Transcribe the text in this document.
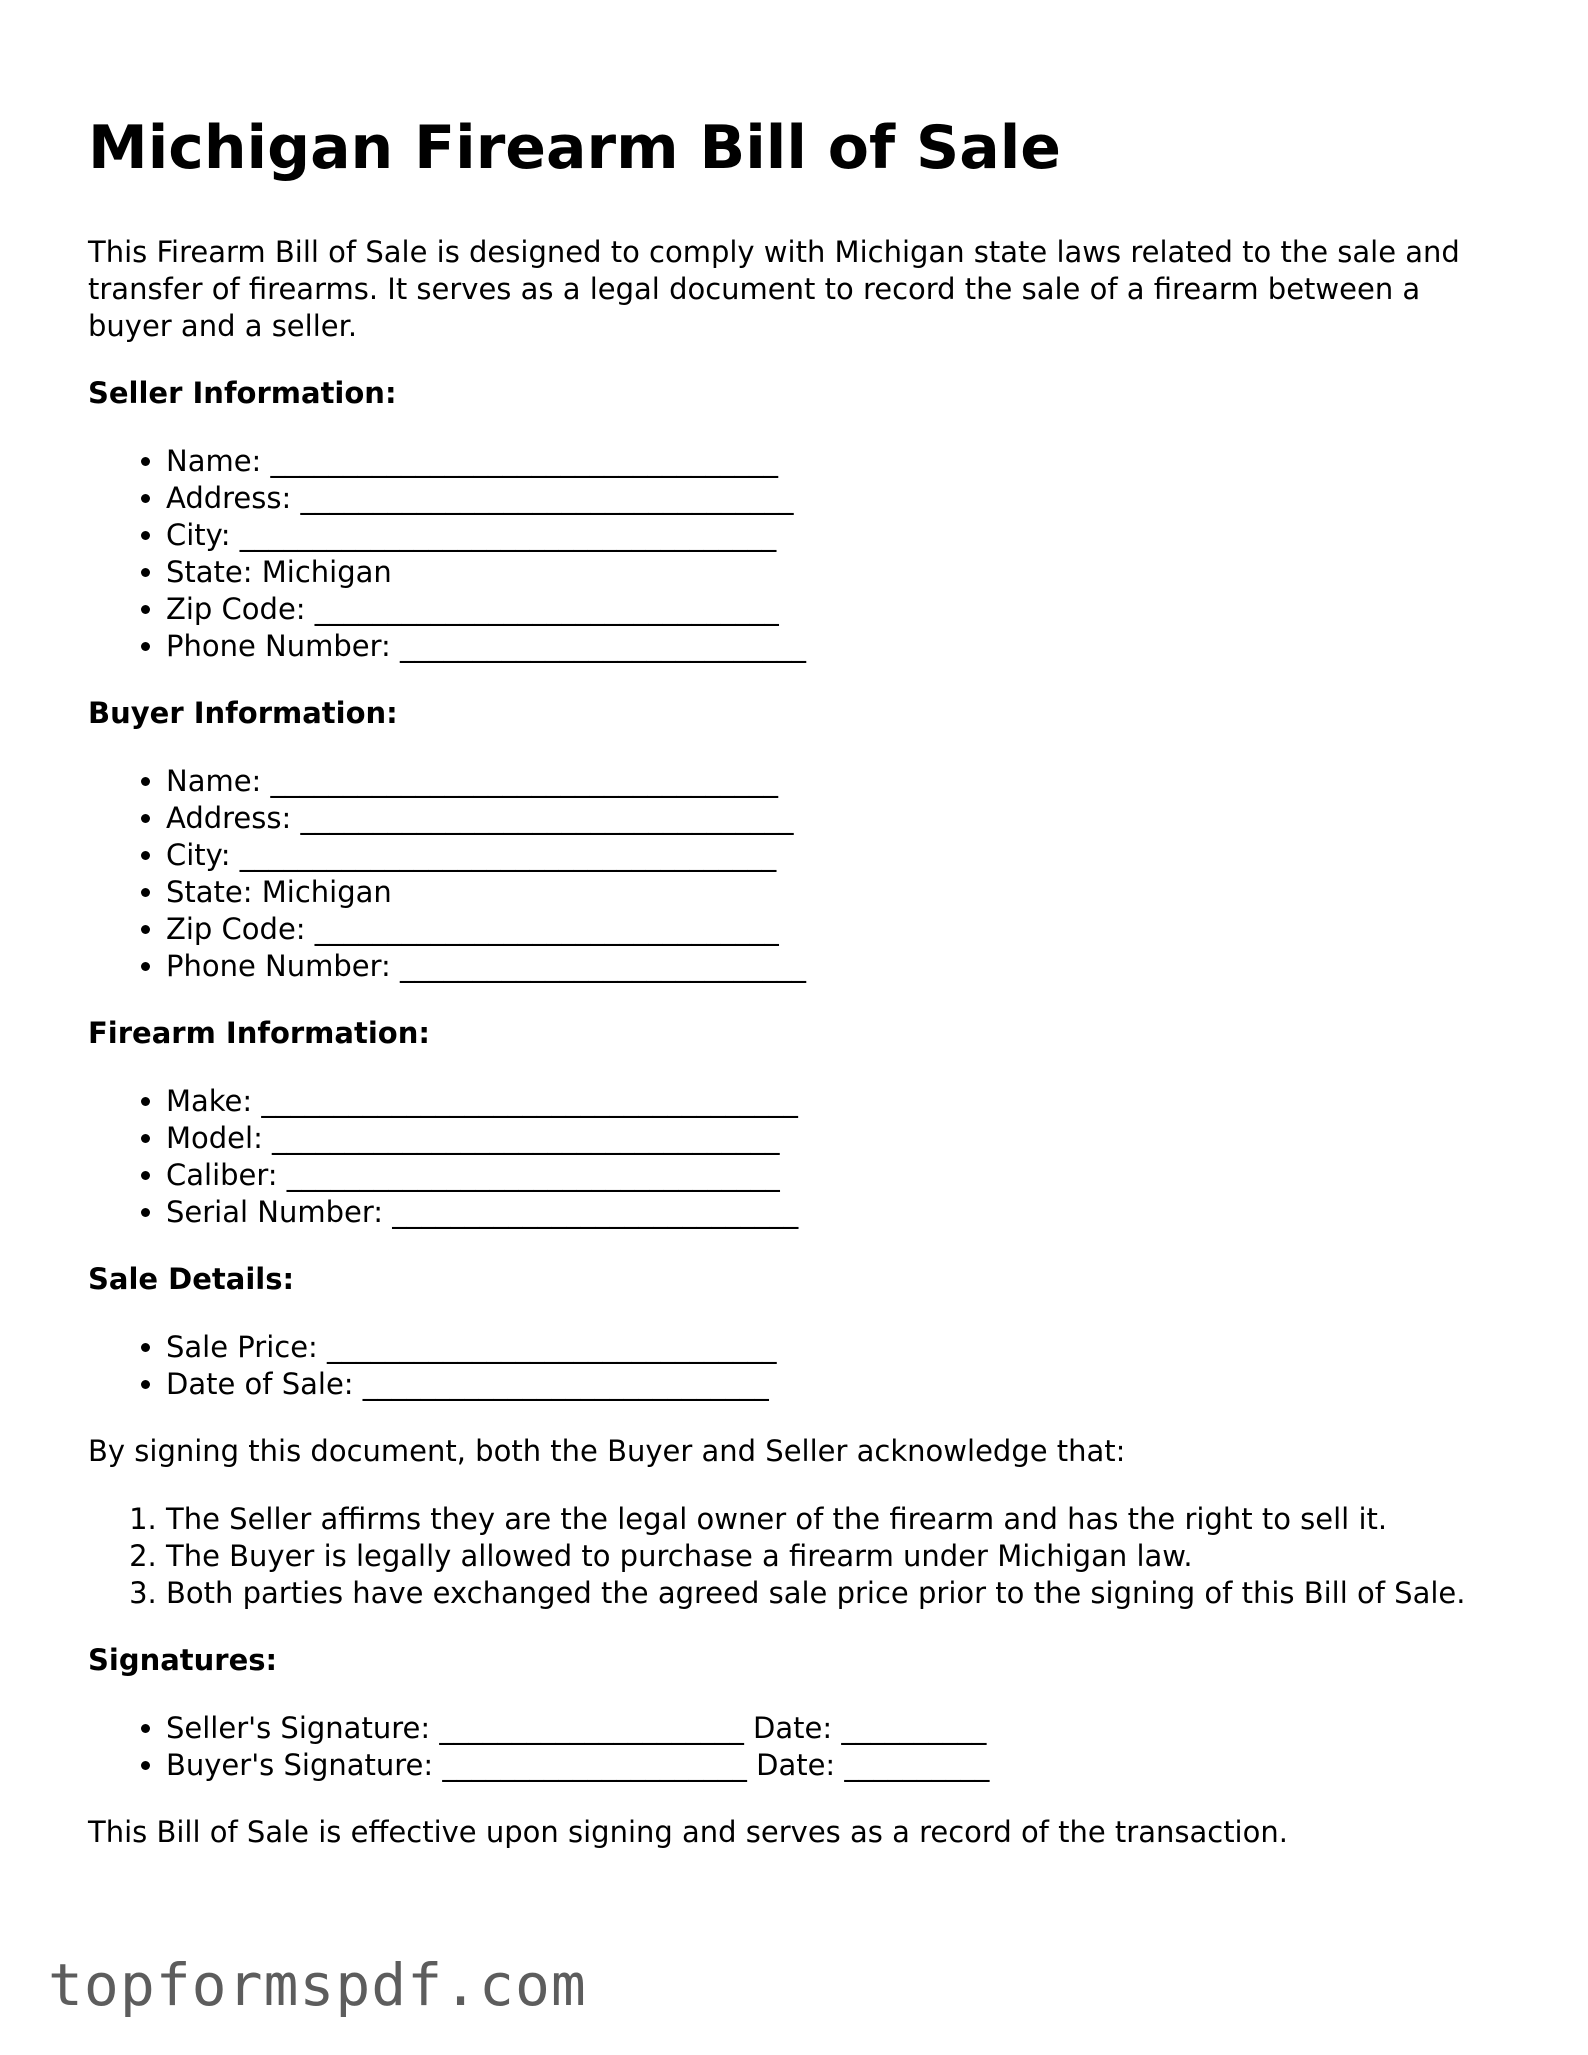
Michigan Firearm Bill of Sale

This Firearm Bill of Sale is designed to comply with Michigan state laws related to the sale and transfer of firearms. It serves as a legal document to record the sale of a firearm between a buyer and a seller.

Seller Information:
• Name: ___________________________________
• Address: __________________________________
• City: _____________________________________
• State: Michigan
• Zip Code: ________________________________
• Phone Number: ____________________________
Buyer Information:
• Name: ___________________________________
• Address: __________________________________
• City: _____________________________________
• State: Michigan
• Zip Code: ________________________________
• Phone Number: ____________________________
Firearm Information:
• Make: _____________________________________
• Model: ___________________________________
• Caliber: __________________________________
• Serial Number: ____________________________
Sale Details:
• Sale Price: _______________________________
• Date of Sale: ____________________________

By signing this document, both the Buyer and Seller acknowledge that:

1. The Seller affirms they are the legal owner of the firearm and has the right to sell it.
2. The Buyer is legally allowed to purchase a firearm under Michigan law.
3. Both parties have exchanged the agreed sale price prior to the signing of this Bill of Sale.
Signatures:
• Seller's Signature: _____________________ Date: __________
• Buyer's Signature: _____________________ Date: __________

This Bill of Sale is effective upon signing and serves as a record of the transaction.

topformspdf.com
